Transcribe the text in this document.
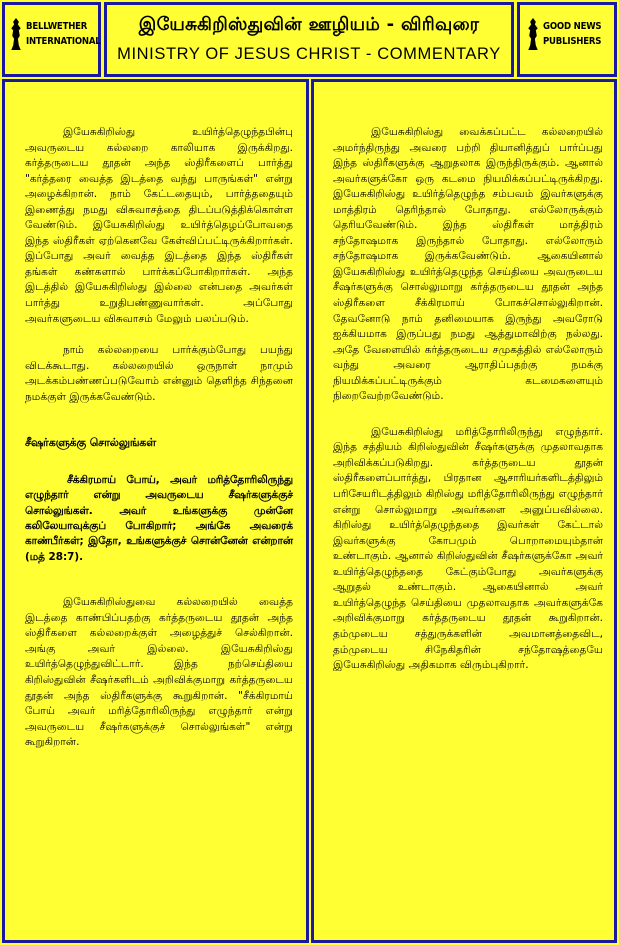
BELLWETHER
INTERNATIONAL
இயேசுகிறிஸ்துவின் ஊழியம் - விரிவுரை
MINISTRY OF JESUS CHRIST - COMMENTARY
GOOD NEWS
PUBLISHERS

இயேசுகிறிஸ்து உயிர்த்தெழுந்தபின்பு அவருடைய கல்லறை காலியாக இருக்கிறது. கர்த்தருடைய தூதன் அந்த ஸ்திரீகளைப் பார்த்து "கர்த்தரை வைத்த இடத்தை வந்து பாருங்கள்" என்று அழைக்கிறான். நாம் கேட்டதையும், பார்த்ததையும் இணைத்து நமது விசுவாசத்தை திடப்படுத்திக்கொள்ள வேண்டும். இயேசுகிறிஸ்து உயிர்த்தெழப்போவதை இந்த ஸ்திரீகள் ஏற்கெனவே கேள்விப்பட்டிருக்கிறார்கள். இப்போது அவர் வைத்த இடத்தை இந்த ஸ்திரீகள் தங்கள் கண்களால் பார்க்கப்போகிறார்கள். அந்த இடத்தில் இயேசுகிறிஸ்து இல்லை என்பதை அவர்கள் பார்த்து உறுதிபண்ணுவார்கள். அப்போது அவர்களுடைய விசுவாசம் மேலும் பலப்படும்.

நாம் கல்லறையை பார்க்கும்போது பயந்து விடக்கூடாது. கல்லறையில் ஒருநாள் நாமும் அடக்கம்பண்ணப்படுவோம் என்னும் தெளிந்த சிந்தனை நமக்குள் இருக்கவேண்டும்.

சீஷர்களுக்கு சொல்லுங்கள்

சீக்கிரமாய் போய், அவர் மரித்தோரிலிருந்து எழுந்தார் என்று அவருடைய சீஷர்களுக்குச் சொல்லுங்கள். அவர் உங்களுக்கு முன்னே கலிலேயாவுக்குப் போகிறார்; அங்கே அவரைக் காண்பீர்கள்; இதோ, உங்களுக்குச் சொன்னேன் என்றான் (மத் 28:7).

இயேசுகிறிஸ்துவை கல்லறையில் வைத்த இடத்தை காண்பிப்பதற்கு கர்த்தருடைய தூதன் அந்த ஸ்திரீகளை கல்லறைக்குள் அழைத்துச் செல்கிறான். அங்கு அவர் இல்லை. இயேசுகிறிஸ்து உயிர்த்தெழுந்துவிட்டார். இந்த நற்செய்தியை கிறிஸ்துவின் சீஷர்களிடம் அறிவிக்குமாறு கர்த்தருடைய தூதன் அந்த ஸ்திரீகளுக்கு கூறுகிறான். "சீக்கிரமாய் போய் அவர் மரித்தோரிலிருந்து எழுந்தார் என்று அவருடைய சீஷர்களுக்குச் சொல்லுங்கள்" என்று கூறுகிறான்.

இயேசுகிறிஸ்து வைக்கப்பட்ட கல்லறையில் அமர்ந்திருந்து அவரை பற்றி தியானித்துப் பார்ப்பது இந்த ஸ்திரீகளுக்கு ஆறுதலாக இருந்திருக்கும். ஆனால் அவர்களுக்கோ ஒரு கடமை நியமிக்கப்பட்டிருக்கிறது. இயேசுகிறிஸ்து உயிர்த்தெழுந்த சம்பவம் இவர்களுக்கு மாத்திரம் தெரிந்தால் போதாது. எல்லோருக்கும் தெரியவேண்டும். இந்த ஸ்திரீகள் மாத்திரம் சந்தோஷமாக இருந்தால் போதாது. எல்லோரும் சந்தோஷமாக இருக்கவேண்டும். ஆகையினால் இயேசுகிறிஸ்து உயிர்த்தெழுந்த செய்தியை அவருடைய சீஷர்களுக்கு சொல்லுமாறு கர்த்தருடைய தூதன் அந்த ஸ்திரீகளை சீக்கிரமாய் போகச்சொல்லுகிறான். தேவனோடு நாம் தனிமையாக இருந்து அவரோடு ஐக்கியமாக இருப்பது நமது ஆத்துமாவிற்கு நல்லது. அதே வேளையில் கர்த்தருடைய சமுகத்தில் எல்லோரும் வந்து அவரை ஆராதிப்பதற்கு நமக்கு நியமிக்கப்பட்டிருக்கும் கடமைகளையும் நிறைவேற்றவேண்டும்.

இயேசுகிறிஸ்து மரித்தோரிலிருந்து எழுந்தார். இந்த சத்தியம் கிறிஸ்துவின் சீஷர்களுக்கு முதலாவதாக அறிவிக்கப்படுகிறது. கர்த்தருடைய தூதன் ஸ்திரீகளைப்பார்த்து, பிரதான ஆசாரியர்களிடத்திலும் பரிசேயரிடத்திலும் கிறிஸ்து மரித்தோரிலிருந்து எழுந்தார் என்று சொல்லுமாறு அவர்களை அனுப்பவில்லை. கிறிஸ்து உயிர்த்தெழுந்ததை இவர்கள் கேட்டால் இவர்களுக்கு கோபமும் பொறாமையும்தான் உண்டாகும். ஆனால் கிறிஸ்துவின் சீஷர்களுக்கோ அவர் உயிர்த்தெழுந்ததை கேட்கும்போது அவர்களுக்கு ஆறுதல் உண்டாகும். ஆகையினால் அவர் உயிர்த்தெழுந்த செய்தியை முதலாவதாக அவர்களுக்கே அறிவிக்குமாறு கர்த்தருடைய தூதன் கூறுகிறான். தம்முடைய சத்துருக்களின் அவமானத்தைவிட, தம்முடைய சிநேகிதரின் சந்தோஷத்தையே இயேசுகிறிஸ்து அதிகமாக விரும்புகிறார்.
